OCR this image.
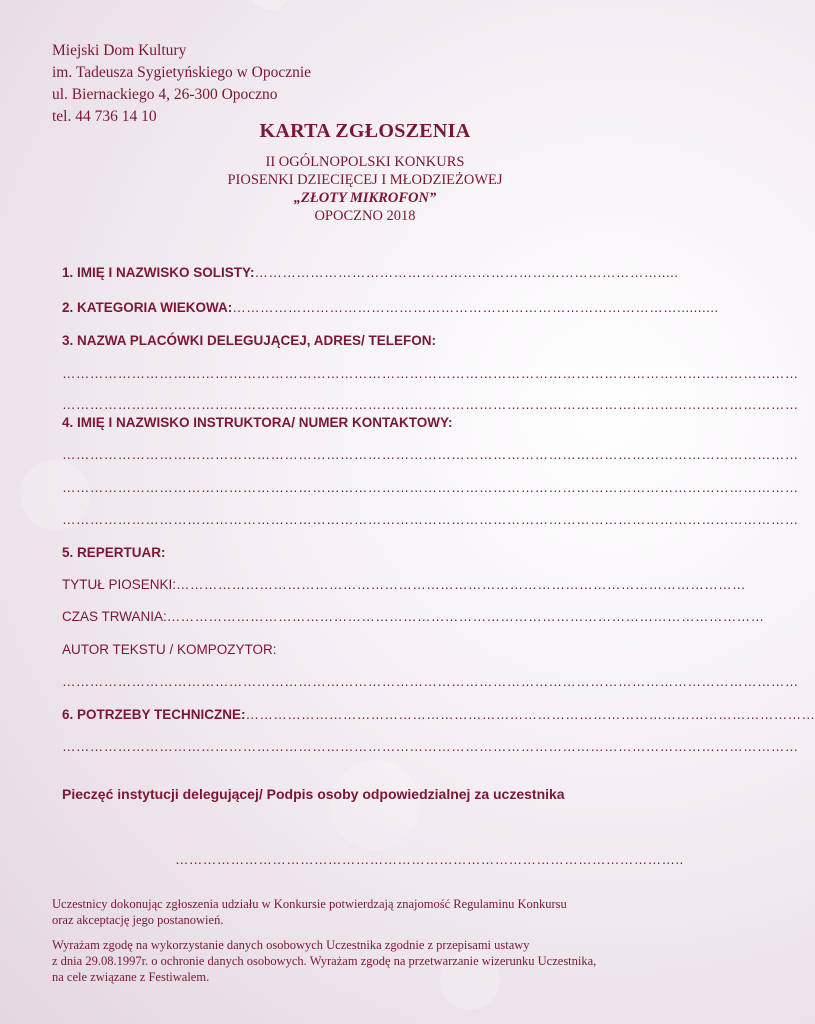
Miejski Dom Kultury
im. Tadeusza Sygietyńskiego w Opocznie
ul. Biernackiego 4, 26-300 Opoczno
tel. 44 736 14 10
KARTA ZGŁOSZENIA
II OGÓLNOPOLSKI KONKURS
PIOSENKI DZIECIĘCEJ I MŁODZIEŻOWEJ
„ZŁOTY MIKROFON”
OPOCZNO 2018
1. IMIĘ I NAZWISKO SOLISTY:…………………………………………………………………………….....
2. KATEGORIA WIEKOWA:……………………………………………………………………………………..........
3. NAZWA PLACÓWKI DELEGUJĄCEJ, ADRES/ TELEFON:
……………………………………………………………………………………………………………………………………………
……………………………………………………………………………………………………………………………………………
4. IMIĘ I NAZWISKO INSTRUKTORA/ NUMER KONTAKTOWY:
……………………………………………………………………………………………………………………………………………
……………………………………………………………………………………………………………………………………………
……………………………………………………………………………………………………………………………………………
5. REPERTUAR:
TYTUŁ PIOSENKI:……………………………………………………………………………………………………………
CZAS TRWANIA:…………………………………………………………………………………………………………………
AUTOR TEKSTU / KOMPOZYTOR:
……………………………………………………………………………………………………………………………………………
6. POTRZEBY TECHNICZNE:……………………………………………………………………………………………………………
……………………………………………………………………………………………………………………………………………
Pieczęć instytucji delegującej/ Podpis osoby odpowiedzialnej za uczestnika
………………………………………………………………………………………………..
Uczestnicy dokonując zgłoszenia udziału w Konkursie potwierdzają znajomość Regulaminu Konkursu
oraz akceptację jego postanowień.
Wyrażam zgodę na wykorzystanie danych osobowych Uczestnika zgodnie z przepisami ustawy
z dnia 29.08.1997r. o ochronie danych osobowych. Wyrażam zgodę na przetwarzanie wizerunku Uczestnika,
na cele związane z Festiwalem.
